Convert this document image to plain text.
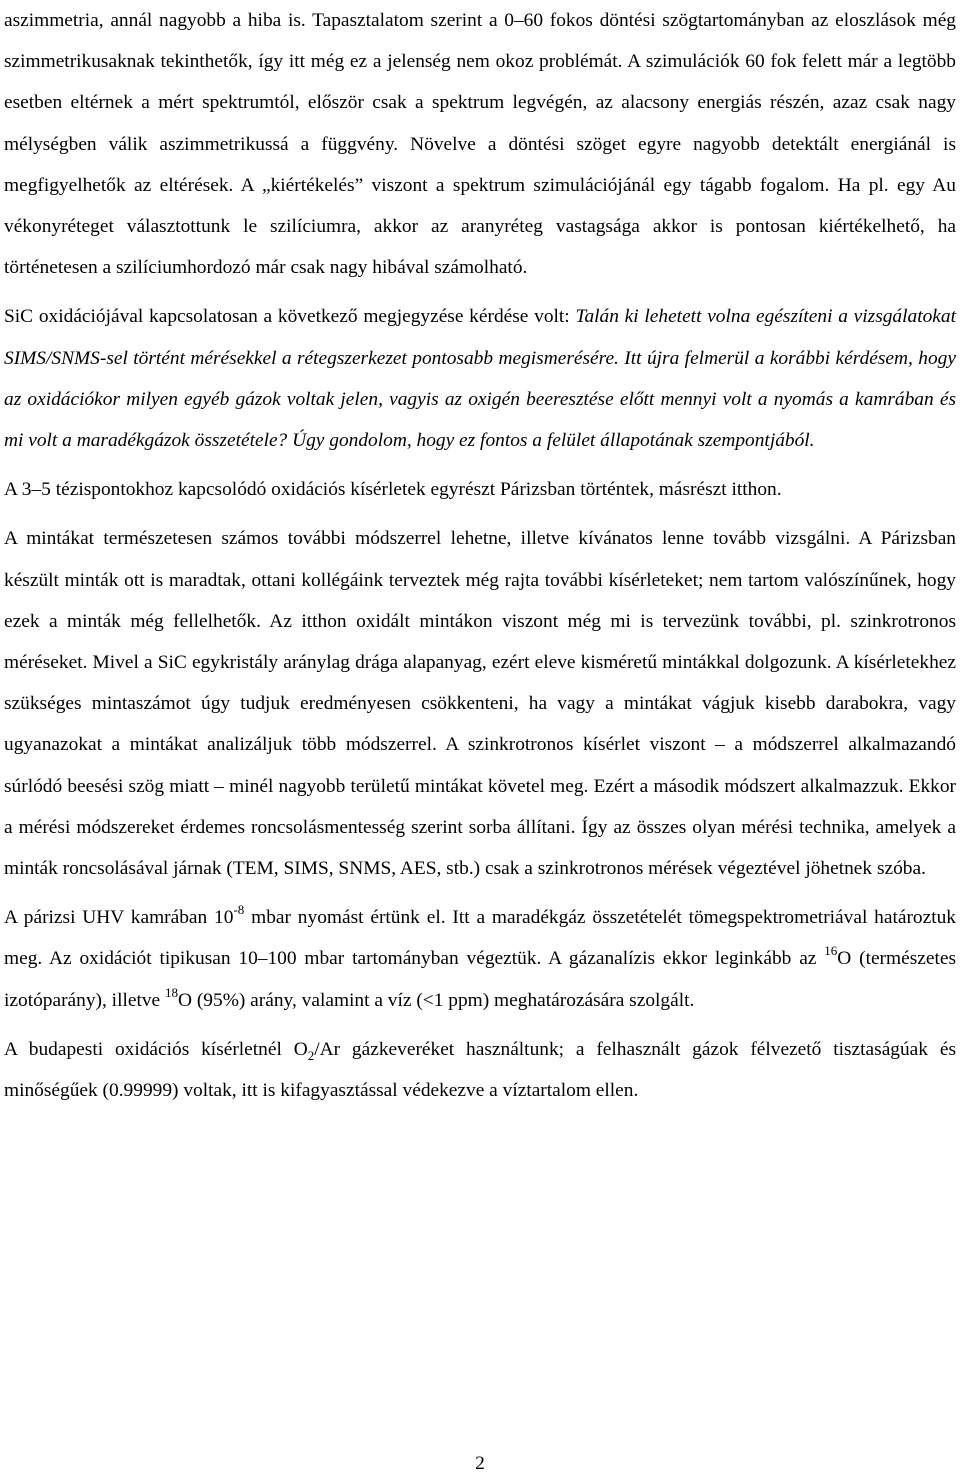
aszimmetria, annál nagyobb a hiba is. Tapasztalatom szerint a 0–60 fokos döntési szögtartományban az eloszlások még szimmetrikusaknak tekinthetők, így itt még ez a jelenség nem okoz problémát. A szimulációk 60 fok felett már a legtöbb esetben eltérnek a mért spektrumtól, először csak a spektrum legvégén, az alacsony energiás részén, azaz csak nagy mélységben válik aszimmetrikussá a függvény. Növelve a döntési szöget egyre nagyobb detektált energiánál is megfigyelhetők az eltérések. A „kiértékelés” viszont a spektrum szimulációjánál egy tágabb fogalom. Ha pl. egy Au vékonyréteget választottunk le szilíciumra, akkor az aranyréteg vastagsága akkor is pontosan kiértékelhető, ha történetesen a szilíciumhordozó már csak nagy hibával számolható.

SiC oxidációjával kapcsolatosan a következő megjegyzése kérdése volt: Talán ki lehetett volna egészíteni a vizsgálatokat SIMS/SNMS-sel történt mérésekkel a rétegszerkezet pontosabb megismerésére. Itt újra felmerül a korábbi kérdésem, hogy az oxidációkor milyen egyéb gázok voltak jelen, vagyis az oxigén beeresztése előtt mennyi volt a nyomás a kamrában és mi volt a maradékgázok összetétele? Úgy gondolom, hogy ez fontos a felület állapotának szempontjából.

A 3–5 tézispontokhoz kapcsolódó oxidációs kísérletek egyrészt Párizsban történtek, másrészt itthon.

A mintákat természetesen számos további módszerrel lehetne, illetve kívánatos lenne tovább vizsgálni. A Párizsban készült minták ott is maradtak, ottani kollégáink terveztek még rajta további kísérleteket; nem tartom valószínűnek, hogy ezek a minták még fellelhetők. Az itthon oxidált mintákon viszont még mi is tervezünk további, pl. szinkrotronos méréseket. Mivel a SiC egykristály aránylag drága alapanyag, ezért eleve kisméretű mintákkal dolgozunk. A kísérletekhez szükséges mintaszámot úgy tudjuk eredményesen csökkenteni, ha vagy a mintákat vágjuk kisebb darabokra, vagy ugyanazokat a mintákat analizáljuk több módszerrel. A szinkrotronos kísérlet viszont – a módszerrel alkalmazandó súrlódó beesési szög miatt – minél nagyobb területű mintákat követel meg. Ezért a második módszert alkalmazzuk. Ekkor a mérési módszereket érdemes roncsolásmentesség szerint sorba állítani. Így az összes olyan mérési technika, amelyek a minták roncsolásával járnak (TEM, SIMS, SNMS, AES, stb.) csak a szinkrotronos mérések végeztével jöhetnek szóba.

A párizsi UHV kamrában $10^{-8}$ mbar nyomást értünk el. Itt a maradékgáz összetételét tömegspektrometriával határoztuk meg. Az oxidációt tipikusan 10–100 mbar tartományban végeztük. A gázanalízis ekkor leginkább az $^{16}$O (természetes izotóparány), illetve $^{18}$O (95%) arány, valamint a víz (<1 ppm) meghatározására szolgált.

A budapesti oxidációs kísérletnél $O_2/Ar$ gázkeveréket használtunk; a felhasznált gázok félvezető tisztaságúak és minőségűek (0.99999) voltak, itt is kifagyasztással védekezve a víztartalom ellen.

2
